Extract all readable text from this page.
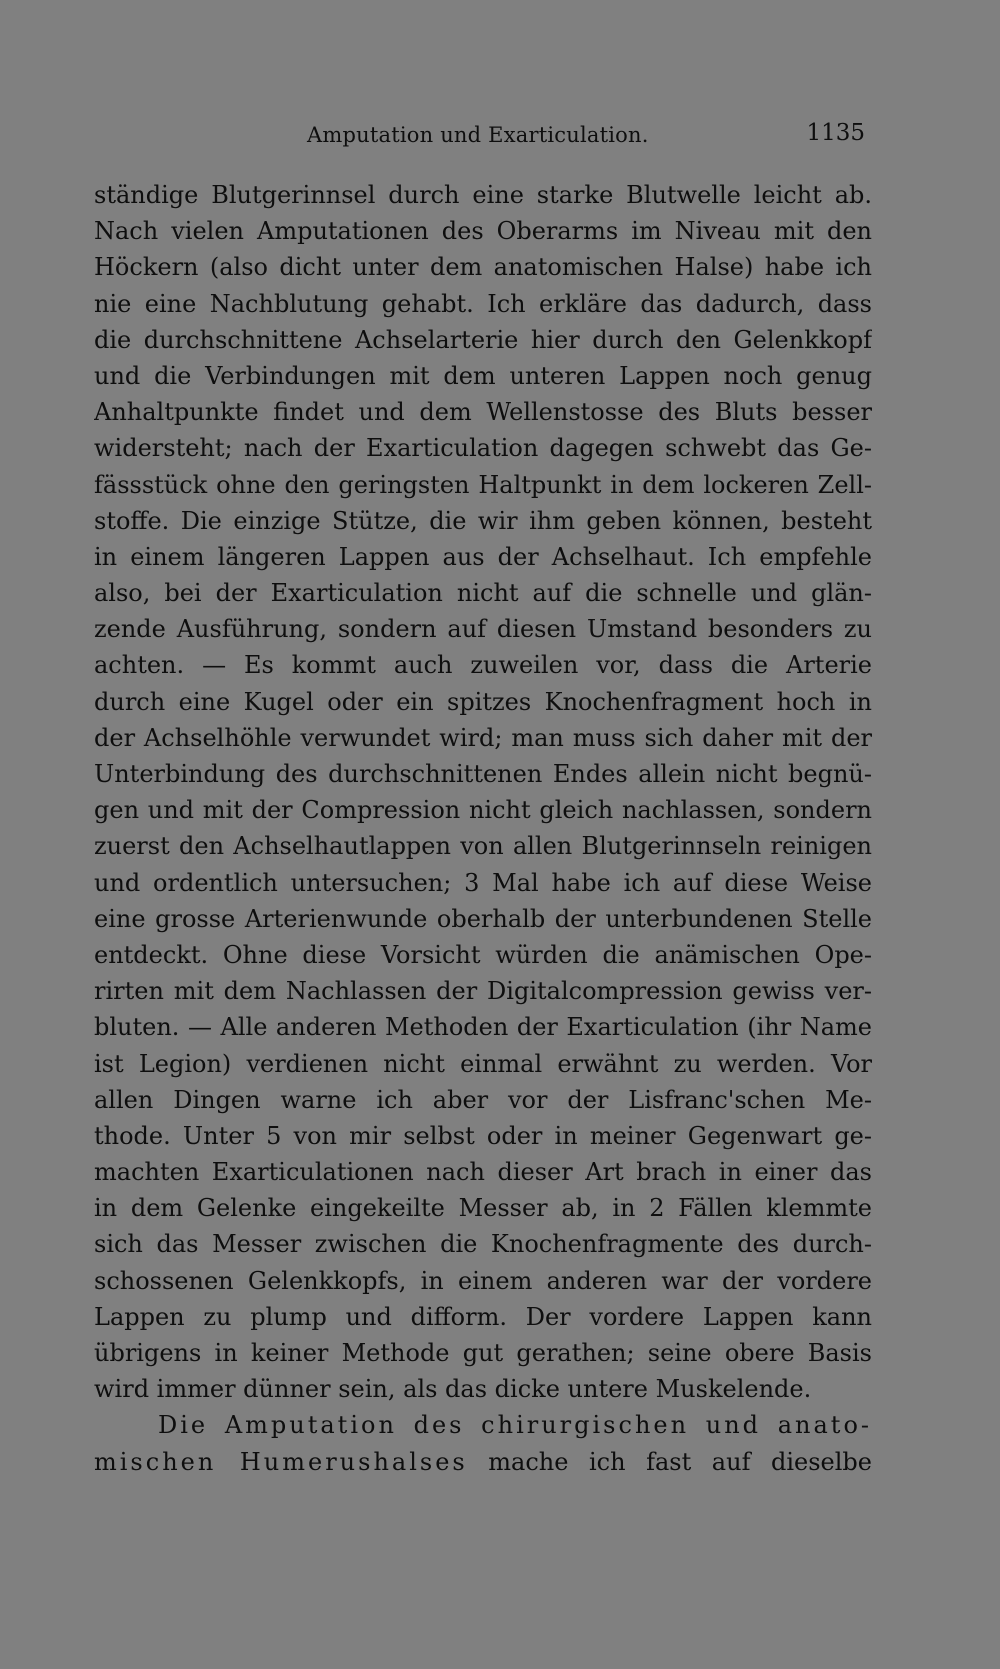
Amputation und Exarticulation.	1135
ständige Blutgerinnsel durch eine starke Blutwelle leicht ab.
Nach vielen Amputationen des Oberarms im Niveau mit den
Höckern (also dicht unter dem anatomischen Halse) habe ich
nie eine Nachblutung gehabt. Ich erkläre das dadurch, dass
die durchschnittene Achselarterie hier durch den Gelenkkopf
und die Verbindungen mit dem unteren Lappen noch genug
Anhaltpunkte findet und dem Wellenstosse des Bluts besser
widersteht; nach der Exarticulation dagegen schwebt das Ge-
fässstück ohne den geringsten Haltpunkt in dem lockeren Zell-
stoffe. Die einzige Stütze, die wir ihm geben können, besteht
in einem längeren Lappen aus der Achselhaut. Ich empfehle
also, bei der Exarticulation nicht auf die schnelle und glän-
zende Ausführung, sondern auf diesen Umstand besonders zu
achten. — Es kommt auch zuweilen vor, dass die Arterie
durch eine Kugel oder ein spitzes Knochenfragment hoch in
der Achselhöhle verwundet wird; man muss sich daher mit der
Unterbindung des durchschnittenen Endes allein nicht begnü-
gen und mit der Compression nicht gleich nachlassen, sondern
zuerst den Achselhautlappen von allen Blutgerinnseln reinigen
und ordentlich untersuchen; 3 Mal habe ich auf diese Weise
eine grosse Arterienwunde oberhalb der unterbundenen Stelle
entdeckt. Ohne diese Vorsicht würden die anämischen Ope-
rirten mit dem Nachlassen der Digitalcompression gewiss ver-
bluten. — Alle anderen Methoden der Exarticulation (ihr Name
ist Legion) verdienen nicht einmal erwähnt zu werden. Vor
allen Dingen warne ich aber vor der Lisfranc'schen Me-
thode. Unter 5 von mir selbst oder in meiner Gegenwart ge-
machten Exarticulationen nach dieser Art brach in einer das
in dem Gelenke eingekeilte Messer ab, in 2 Fällen klemmte
sich das Messer zwischen die Knochenfragmente des durch-
schossenen Gelenkkopfs, in einem anderen war der vordere
Lappen zu plump und difform. Der vordere Lappen kann
übrigens in keiner Methode gut gerathen; seine obere Basis
wird immer dünner sein, als das dicke untere Muskelende.
Die Amputation des chirurgischen und anato-
mischen Humerushalses mache ich fast auf dieselbe
